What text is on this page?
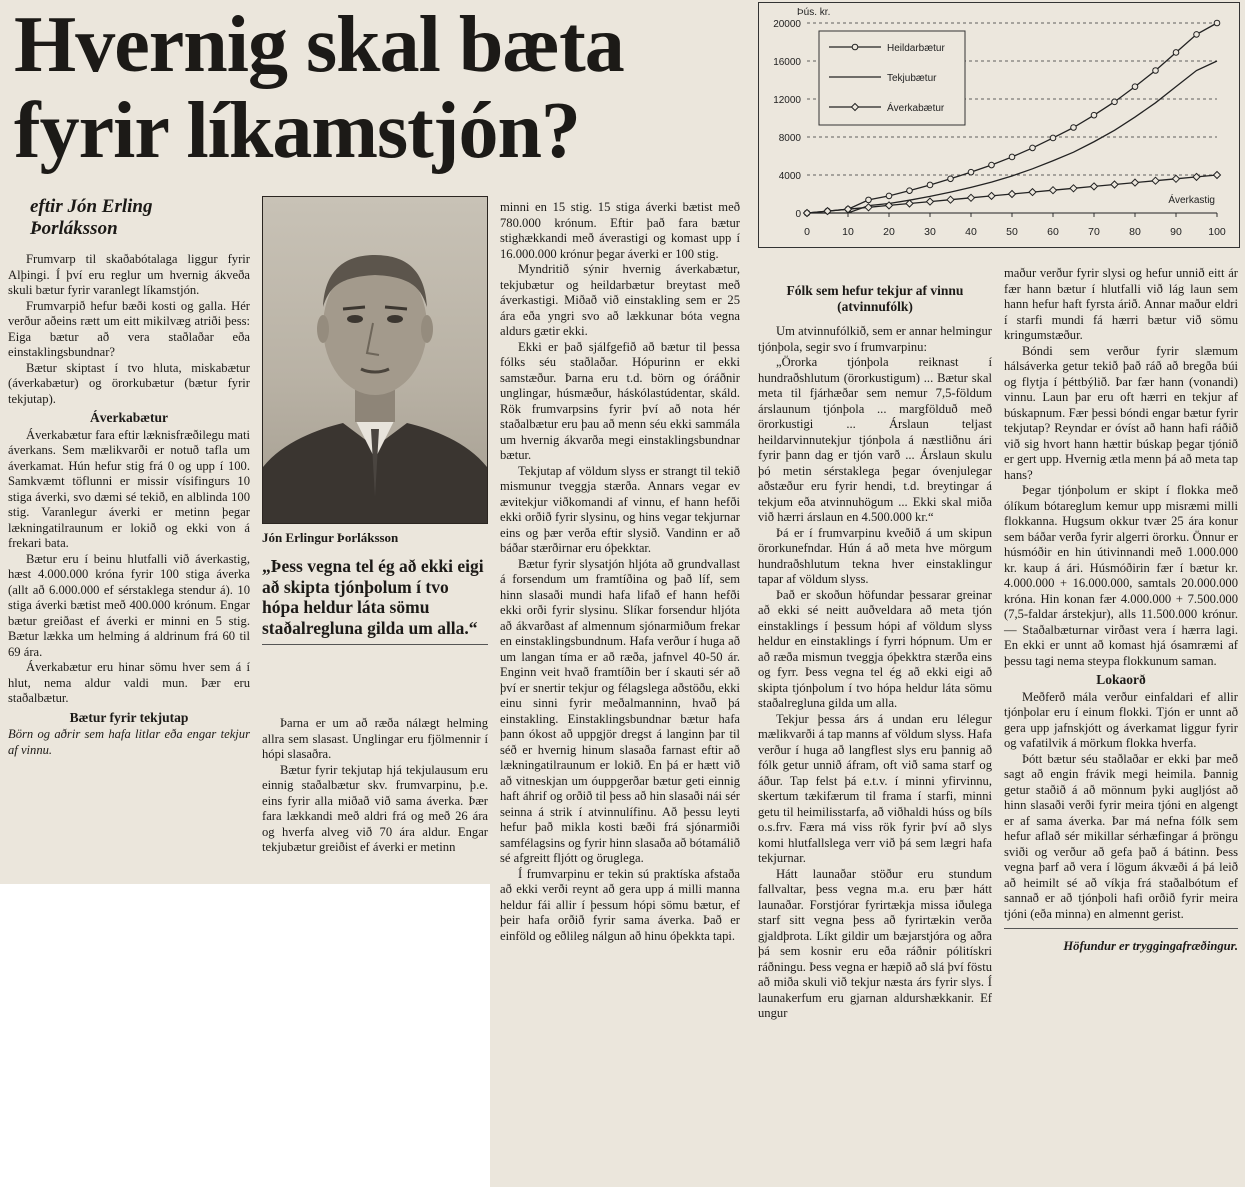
Hvernig skal bæta
fyrir líkamstjón?
eftir Jón Erling
Þorláksson

Frumvarp til skaðabótalaga liggur fyrir Alþingi. Í því eru reglur um hvernig ákveða skuli bætur fyrir varanlegt líkamstjón.

Frumvarpið hefur bæði kosti og galla. Hér verður aðeins rætt um eitt mikilvæg atriði þess: Eiga bætur að vera staðlaðar eða einstaklingsbundnar?

Bætur skiptast í tvo hluta, miskabætur (áverkabætur) og örorkubætur (bætur fyrir tekjutap).

Áverkabætur

Áverkabætur fara eftir læknisfræðilegu mati áverkans. Sem mælikvarði er notuð tafla um áverkamat. Hún hefur stig frá 0 og upp í 100. Samkvæmt töflunni er missir vísifingurs 10 stiga áverki, svo dæmi sé tekið, en alblinda 100 stig. Varanlegur áverki er metinn þegar lækningatilraunum er lokið og ekki von á frekari bata.

Bætur eru í beinu hlutfalli við áverkastig, hæst 4.000.000 króna fyrir 100 stiga áverka (allt að 6.000.000 ef sérstaklega stendur á). 10 stiga áverki bætist með 400.000 krónum. Engar bætur greiðast ef áverki er minni en 5 stig. Bætur lækka um helming á aldrinum frá 60 til 69 ára.

Áverkabætur eru hinar sömu hver sem á í hlut, nema aldur valdi mun. Þær eru staðalbætur.

Bætur fyrir tekjutap

Börn og aðrir sem hafa litlar eða engar tekjur af vinnu.

Jón Erlingur Þorláksson
„Þess vegna tel ég að ekki eigi að skipta tjónþolum í tvo hópa heldur láta sömu staðalregluna gilda um alla.“

Þarna er um að ræða nálægt helming allra sem slasast. Unglingar eru fjölmennir í hópi slasaðra.

Bætur fyrir tekjutap hjá tekjulausum eru einnig staðalbætur skv. frumvarpinu, þ.e. eins fyrir alla miðað við sama áverka. Þær fara lækkandi með aldri frá og með 26 ára og hverfa alveg við 70 ára aldur. Engar tekjubætur greiðist ef áverki er metinn

minni en 15 stig. 15 stiga áverki bætist með 780.000 krónum. Eftir það fara bætur stighækkandi með áverastigi og komast upp í 16.000.000 krónur þegar áverki er 100 stig.

Myndritið sýnir hvernig áverkabætur, tekjubætur og heildarbætur breytast með áverkastigi. Miðað við einstakling sem er 25 ára eða yngri svo að lækkunar bóta vegna aldurs gætir ekki.

Ekki er það sjálfgefið að bætur til þessa fólks séu staðlaðar. Hópurinn er ekki samstæður. Þarna eru t.d. börn og óráðnir unglingar, húsmæður, háskólastúdentar, skáld. Rök frumvarpsins fyrir því að nota hér staðalbætur eru þau að menn séu ekki sammála um hvernig ákvarða megi einstaklingsbundnar bætur.

Tekjutap af völdum slyss er strangt til tekið mismunur tveggja stærða. Annars vegar ev ævitekjur viðkomandi af vinnu, ef hann hefði ekki orðið fyrir slysinu, og hins vegar tekjurnar eins og þær verða eftir slysið. Vandinn er að báðar stærðirnar eru óþekktar.

Bætur fyrir slysatjón hljóta að grundvallast á forsendum um framtíðina og það líf, sem hinn slasaði mundi hafa lifað ef hann hefði ekki orði fyrir slysinu. Slíkar forsendur hljóta að ákvarðast af almennum sjónarmiðum frekar en einstaklingsbundnum. Hafa verður í huga að um langan tíma er að ræða, jafnvel 40-50 ár. Enginn veit hvað framtíðin ber í skauti sér að því er snertir tekjur og félagslega aðstöðu, ekki einu sinni fyrir meðalmanninn, hvað þá einstakling. Einstaklingsbundnar bætur hafa þann ókost að uppgjör dregst á langinn þar til séð er hvernig hinum slasaða farnast eftir að lækningatilraunum er lokið. En þá er hætt við að vitneskjan um óuppgerðar bætur geti einnig haft áhrif og orðið til þess að hin slasaði nái sér seinna á strik í atvinnulífinu. Að þessu leyti hefur það mikla kosti bæði frá sjónarmiði samfélagsins og fyrir hinn slasaða að bótamálið sé afgreitt fljótt og öruglega.

Í frumvarpinu er tekin sú praktíska afstaða að ekki verði reynt að gera upp á milli manna heldur fái allir í þessum hópi sömu bætur, ef þeir hafa orðið fyrir sama áverka. Það er einföld og eðlileg nálgun að hinu óþekkta tapi.

0
4000
8000
12000
16000
20000
0	10	20	30	40	50	60	70	80	90	100
Þús. kr.
Áverkastig
Heildarbætur
Tekjubætur
Áverkabætur
Fólk sem hefur tekjur af vinnu (atvinnufólk)

Um atvinnufólkið, sem er annar helmingur tjónþola, segir svo í frumvarpinu:

„Örorka tjónþola reiknast í hundraðshlutum (örorkustigum) ... Bætur skal meta til fjárhæðar sem nemur 7,5-földum árslaunum tjónþola ... margfölduð með örorkustigi ... Árslaun teljast heildarvinnutekjur tjónþola á næstliðnu ári fyrir þann dag er tjón varð ... Árslaun skulu þó metin sérstaklega þegar óvenjulegar aðstæður eru fyrir hendi, t.d. breytingar á tekjum eða atvinnuhögum ... Ekki skal miða við hærri árslaun en 4.500.000 kr.“

Þá er í frumvarpinu kveðið á um skipun örorkunefndar. Hún á að meta hve mörgum hundraðshlutum tekna hver einstaklingur tapar af völdum slyss.

Það er skoðun höfundar þessarar greinar að ekki sé neitt auðveldara að meta tjón einstaklings í þessum hópi af völdum slyss heldur en einstaklings í fyrri hópnum. Um er að ræða mismun tveggja óþekktra stærða eins og fyrr. Þess vegna tel ég að ekki eigi að skipta tjónþolum í tvo hópa heldur láta sömu staðalregluna gilda um alla.

Tekjur þessa árs á undan eru lélegur mælikvarði á tap manns af völdum slyss. Hafa verður í huga að langflest slys eru þannig að fólk getur unnið áfram, oft við sama starf og áður. Tap felst þá e.t.v. í minni yfirvinnu, skertum tækifærum til frama í starfi, minni getu til heimilisstarfa, að viðhaldi húss og bíls o.s.frv. Færa má viss rök fyrir því að slys komi hlutfallslega verr við þá sem lægri hafa tekjurnar.

Hátt launaðar stöður eru stundum fallvaltar, þess vegna m.a. eru þær hátt launaðar. Forstjórar fyrirtækja missa iðulega starf sitt vegna þess að fyrirtækin verða gjaldþrota. Líkt gildir um bæjarstjóra og aðra þá sem kosnir eru eða ráðnir pólitískri ráðningu. Þess vegna er hæpið að slá því föstu að miða skuli við tekjur næsta árs fyrir slys. Í launakerfum eru gjarnan aldurshækkanir. Ef ungur

maður verður fyrir slysi og hefur unnið eitt ár fær hann bætur í hlutfalli við lág laun sem hann hefur haft fyrsta árið. Annar maður eldri í starfi mundi fá hærri bætur við sömu kringumstæður.

Bóndi sem verður fyrir slæmum hálsáverka getur tekið það ráð að bregða búi og flytja í þéttbýlið. Þar fær hann (vonandi) vinnu. Laun þar eru oft hærri en tekjur af búskapnum. Fær þessi bóndi engar bætur fyrir tekjutap? Reyndar er óvíst að hann hafi ráðið við sig hvort hann hættir búskap þegar tjónið er gert upp. Hvernig ætla menn þá að meta tap hans?

Þegar tjónþolum er skipt í flokka með ólíkum bótareglum kemur upp misræmi milli flokkanna. Hugsum okkur tvær 25 ára konur sem báðar verða fyrir algerri örorku. Önnur er húsmóðir en hin útivinnandi með 1.000.000 kr. kaup á ári. Húsmóðirin fær í bætur kr. 4.000.000 + 16.000.000, samtals 20.000.000 króna. Hin konan fær 4.000.000 + 7.500.000 (7,5-faldar árstekjur), alls 11.500.000 krónur. — Staðalbæturnar virðast vera í hærra lagi. En ekki er unnt að komast hjá ósamræmi af þessu tagi nema steypa flokkunum saman.

Lokaorð

Meðferð mála verður einfaldari ef allir tjónþolar eru í einum flokki. Tjón er unnt að gera upp jafnskjótt og áverkamat liggur fyrir og vafatilvik á mörkum flokka hverfa.

Þótt bætur séu staðlaðar er ekki þar með sagt að engin frávik megi heimila. Þannig getur staðið á að mönnum þyki augljóst að hinn slasaði verði fyrir meira tjóni en algengt er af sama áverka. Þar má nefna fólk sem hefur aflað sér mikillar sérhæfingar á þröngu sviði og verður að gefa það á bátinn. Þess vegna þarf að vera í lögum ákvæði á þá leið að heimilt sé að víkja frá staðalbótum ef sannað er að tjónþoli hafi orðið fyrir meira tjóni (eða minna) en almennt gerist.

Höfundur er tryggingafræðingur.
